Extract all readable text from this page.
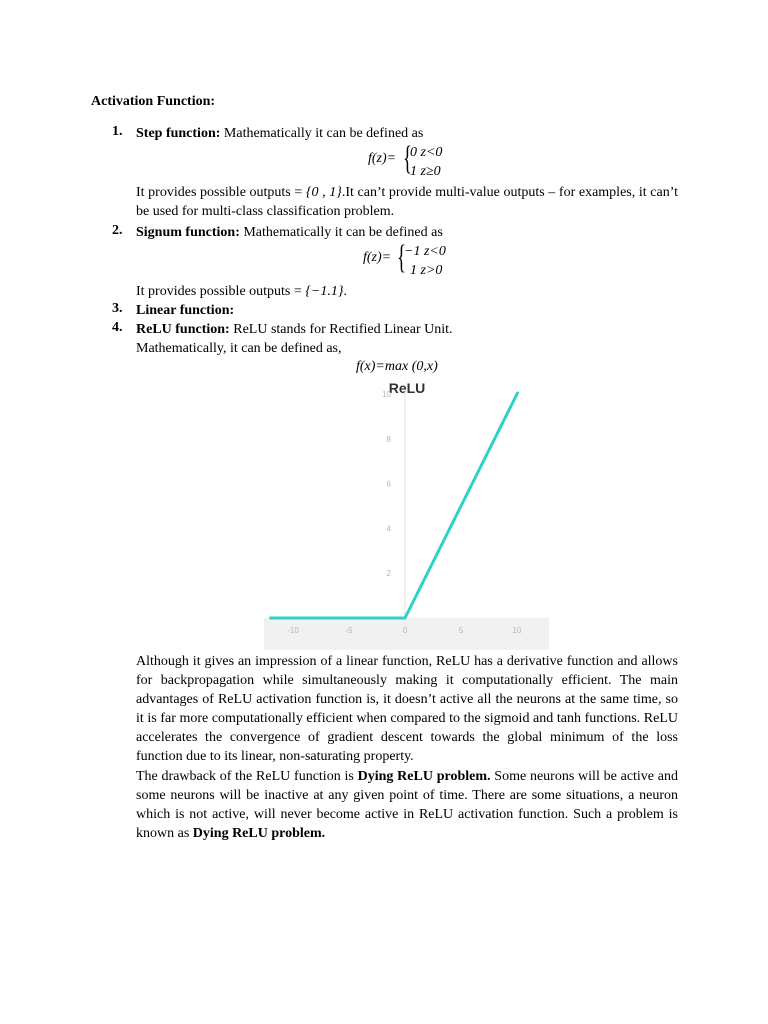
Activation Function:
1. Step function: Mathematically it can be defined as
f(z)= {
0 z<0
1 z≥0
It provides possible outputs = {0 , 1}.It can’t provide multi-value outputs – for examples, it can’t be used for multi-class classification problem.
2. Signum function: Mathematically it can be defined as
f(z)= {
−1 z<0
1 z>0
It provides possible outputs = {−1.1}.
3. Linear function:
4. ReLU function: ReLU stands for Rectified Linear Unit.
Mathematically, it can be defined as,
f(x)=max (0,x)
ReLU
2
4
6
8
10
-10	-5	0	5	10
Although it gives an impression of a linear function, ReLU has a derivative function and allows for backpropagation while simultaneously making it computationally efficient. The main advantages of ReLU activation function is, it doesn’t active all the neurons at the same time, so it is far more computationally efficient when compared to the sigmoid and tanh functions. ReLU accelerates the convergence of gradient descent towards the global minimum of the loss function due to its linear, non-saturating property.
The drawback of the ReLU function is Dying ReLU problem. Some neurons will be active and some neurons will be inactive at any given point of time. There are some situations, a neuron which is not active, will never become active in ReLU activation function. Such a problem is known as Dying ReLU problem.
